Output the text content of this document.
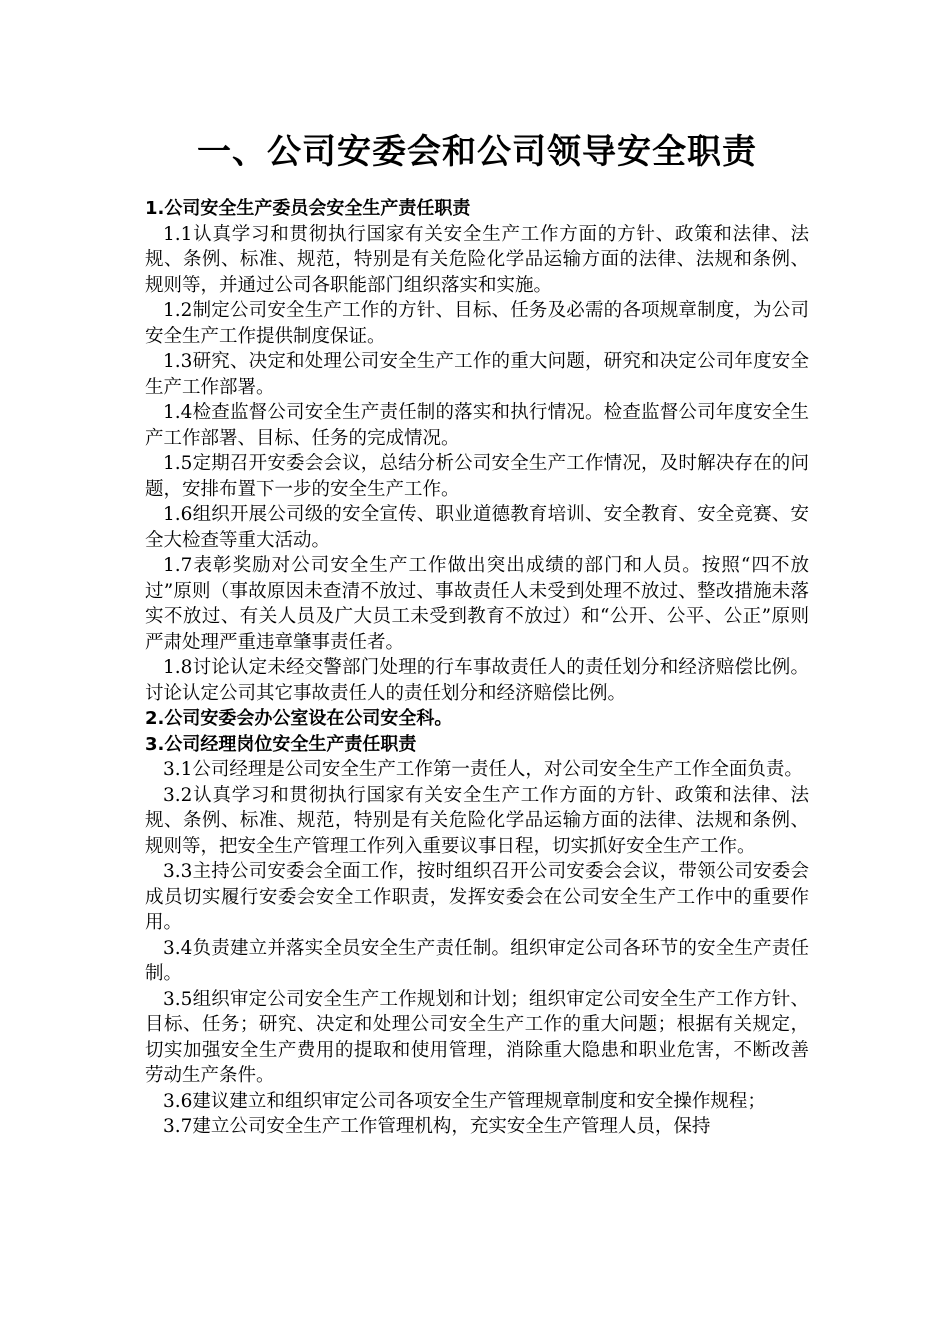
一、公司安委会和公司领导安全职责
1.公司安全生产委员会安全生产责任职责

1.1认真学习和贯彻执行国家有关安全生产工作方面的方针、政策和法律、法规、条例、标准、规范，特别是有关危险化学品运输方面的法律、法规和条例、规则等，并通过公司各职能部门组织落实和实施。

1.2制定公司安全生产工作的方针、目标、任务及必需的各项规章制度，为公司安全生产工作提供制度保证。

1.3研究、决定和处理公司安全生产工作的重大问题，研究和决定公司年度安全生产工作部署。

1.4检查监督公司安全生产责任制的落实和执行情况。检查监督公司年度安全生产工作部署、目标、任务的完成情况。

1.5定期召开安委会会议，总结分析公司安全生产工作情况，及时解决存在的问题，安排布置下一步的安全生产工作。

1.6组织开展公司级的安全宣传、职业道德教育培训、安全教育、安全竞赛、安全大检查等重大活动。

1.7表彰奖励对公司安全生产工作做出突出成绩的部门和人员。按照“四不放过”原则（事故原因未查清不放过、事故责任人未受到处理不放过、整改措施未落实不放过、有关人员及广大员工未受到教育不放过）和“公开、公平、公正”原则严肃处理严重违章肇事责任者。

1.8讨论认定未经交警部门处理的行车事故责任人的责任划分和经济赔偿比例。讨论认定公司其它事故责任人的责任划分和经济赔偿比例。

2.公司安委会办公室设在公司安全科。
3.公司经理岗位安全生产责任职责

3.1公司经理是公司安全生产工作第一责任人，对公司安全生产工作全面负责。

3.2认真学习和贯彻执行国家有关安全生产工作方面的方针、政策和法律、法规、条例、标准、规范，特别是有关危险化学品运输方面的法律、法规和条例、规则等，把安全生产管理工作列入重要议事日程，切实抓好安全生产工作。

3.3主持公司安委会全面工作，按时组织召开公司安委会会议，带领公司安委会成员切实履行安委会安全工作职责，发挥安委会在公司安全生产工作中的重要作用。

3.4负责建立并落实全员安全生产责任制。组织审定公司各环节的安全生产责任制。

3.5组织审定公司安全生产工作规划和计划；组织审定公司安全生产工作方针、目标、任务；研究、决定和处理公司安全生产工作的重大问题；根据有关规定，切实加强安全生产费用的提取和使用管理，消除重大隐患和职业危害，不断改善劳动生产条件。

3.6建议建立和组织审定公司各项安全生产管理规章制度和安全操作规程；

3.7建立公司安全生产工作管理机构，充实安全生产管理人员，保持
